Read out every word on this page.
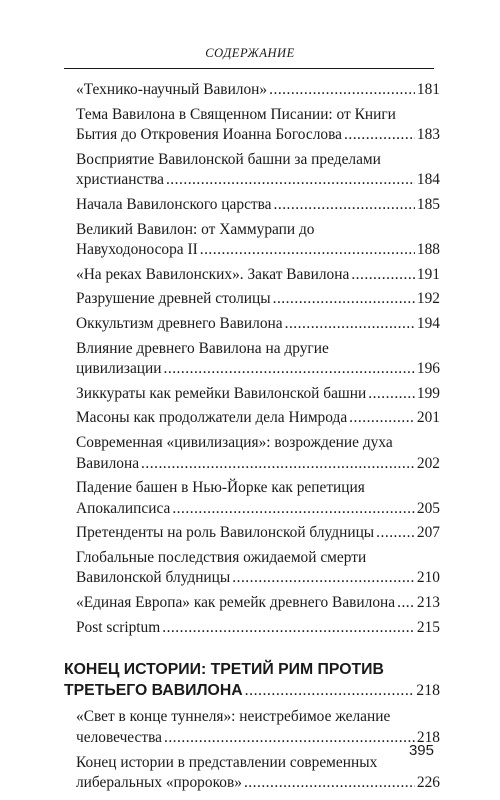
СОДЕРЖАНИЕ
«Технико-научный Вавилон» .....	181
Тема Вавилона в Священном Писании: от Книги
Бытия до Откровения Иоанна Богослова .....	183
Восприятие Вавилонской башни за пределами
христианства .....	184
Начала Вавилонского царства .....	185
Великий Вавилон: от Хаммурапи до
Навуходоносора II .....	188
«На реках Вавилонских». Закат Вавилона .....	191
Разрушение древней столицы .....	192
Оккультизм древнего Вавилона .....	194
Влияние древнего Вавилона на другие
цивилизации .....	196
Зиккураты как ремейки Вавилонской башни .....	199
Масоны как продолжатели дела Нимрода .....	201
Современная «цивилизация»: возрождение духа
Вавилона .....	202
Падение башен в Нью-Йорке как репетиция
Апокалипсиса .....	205
Претенденты на роль Вавилонской блудницы .....	207
Глобальные последствия ожидаемой смерти
Вавилонской блудницы .....	210
«Единая Европа» как ремейк древнего Вавилона ..... 213
Post scriptum .....	215
КОНЕЦ ИСТОРИИ: ТРЕТИЙ РИМ ПРОТИВ
ТРЕТЬЕГО ВАВИЛОНА .....	218
«Свет в конце туннеля»: неистребимое желание
человечества .....	218
Конец истории в представлении современных
либеральных «пророков» .....	226
395
